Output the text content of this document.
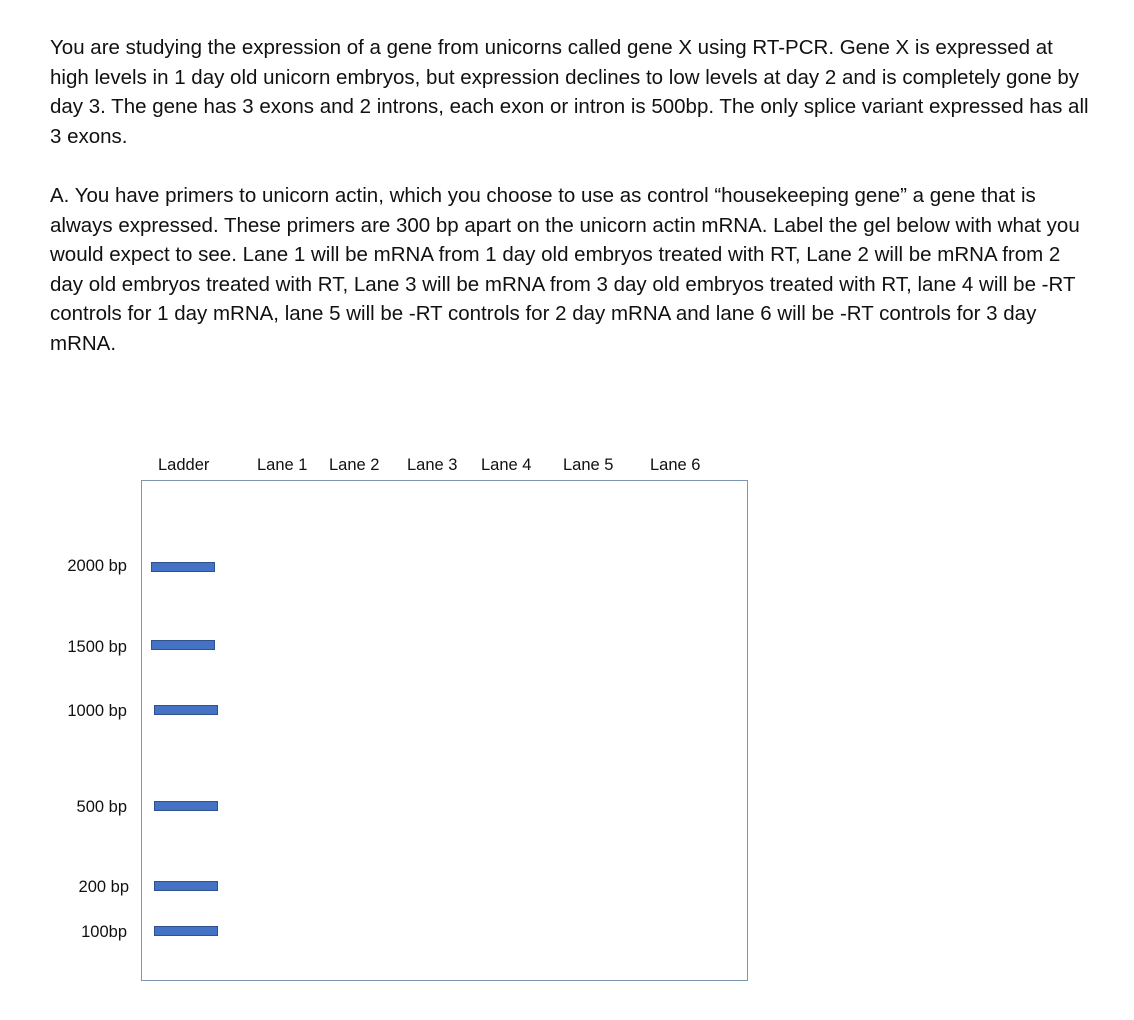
You are studying the expression of a gene from unicorns called gene X using RT-PCR. Gene X is expressed at high levels in 1 day old unicorn embryos, but expression declines to low levels at day 2 and is completely gone by day 3. The gene has 3 exons and 2 introns, each exon or intron is 500bp. The only splice variant expressed has all 3 exons.

A. You have primers to unicorn actin, which you choose to use as control “housekeeping gene” a gene that is always expressed. These primers are 300 bp apart on the unicorn actin mRNA. Label the gel below with what you would expect to see. Lane 1 will be mRNA from 1 day old embryos treated with RT, Lane 2 will be mRNA from 2 day old embryos treated with RT, Lane 3 will be mRNA from 3 day old embryos treated with RT, lane 4 will be -RT controls for 1 day mRNA, lane 5 will be -RT controls for 2 day mRNA and lane 6 will be -RT controls for 3 day mRNA.

Ladder	Lane 1 Lane 2 Lane 3 Lane 4 Lane 5 Lane 6
2000 bp
1500 bp
1000 bp
500 bp
200 bp
100bp
